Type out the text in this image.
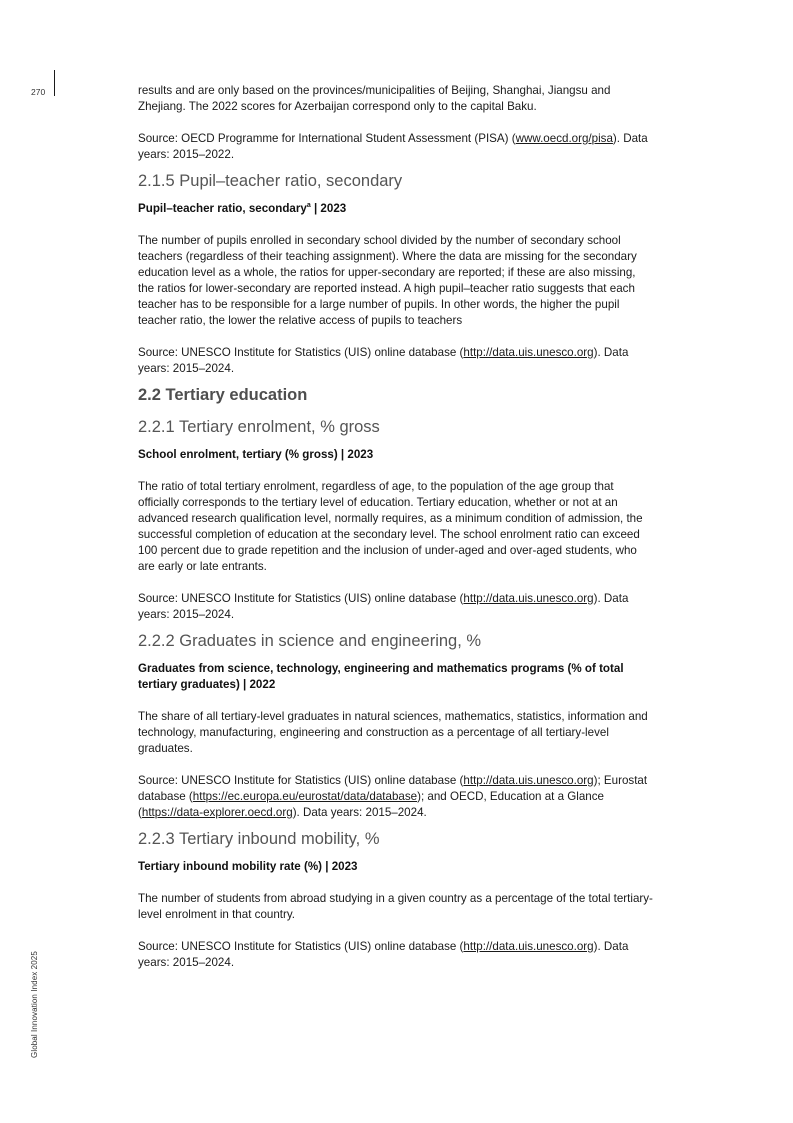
270
Global Innovation Index 2025

results and are only based on the provinces/municipalities of Beijing, Shanghai, Jiangsu and Zhejiang. The 2022 scores for Azerbaijan correspond only to the capital Baku.

Source: OECD Programme for International Student Assessment (PISA) (www.oecd.org/pisa). Data years: 2015–2022.

2.1.5 Pupil–teacher ratio, secondary
Pupil–teacher ratio, secondary$^a$ | 2023

The number of pupils enrolled in secondary school divided by the number of secondary school teachers (regardless of their teaching assignment). Where the data are missing for the secondary education level as a whole, the ratios for upper-secondary are reported; if these are also missing, the ratios for lower-secondary are reported instead. A high pupil–teacher ratio suggests that each teacher has to be responsible for a large number of pupils. In other words, the higher the pupil teacher ratio, the lower the relative access of pupils to teachers

Source: UNESCO Institute for Statistics (UIS) online database (http://data.uis.unesco.org). Data years: 2015–2024.

2.2 Tertiary education
2.2.1 Tertiary enrolment, % gross
School enrolment, tertiary (% gross) | 2023

The ratio of total tertiary enrolment, regardless of age, to the population of the age group that officially corresponds to the tertiary level of education. Tertiary education, whether or not at an advanced research qualification level, normally requires, as a minimum condition of admission, the successful completion of education at the secondary level. The school enrolment ratio can exceed 100 percent due to grade repetition and the inclusion of under-aged and over-aged students, who are early or late entrants.

Source: UNESCO Institute for Statistics (UIS) online database (http://data.uis.unesco.org). Data years: 2015–2024.

2.2.2 Graduates in science and engineering, %
Graduates from science, technology, engineering and mathematics programs (% of total tertiary graduates) | 2022

The share of all tertiary-level graduates in natural sciences, mathematics, statistics, information and technology, manufacturing, engineering and construction as a percentage of all tertiary-level graduates.

Source: UNESCO Institute for Statistics (UIS) online database (http://data.uis.unesco.org); Eurostat database (https://ec.europa.eu/eurostat/data/database); and OECD, Education at a Glance (https://data-explorer.oecd.org). Data years: 2015–2024.

2.2.3 Tertiary inbound mobility, %
Tertiary inbound mobility rate (%) | 2023

The number of students from abroad studying in a given country as a percentage of the total tertiary-level enrolment in that country.

Source: UNESCO Institute for Statistics (UIS) online database (http://data.uis.unesco.org). Data years: 2015–2024.
